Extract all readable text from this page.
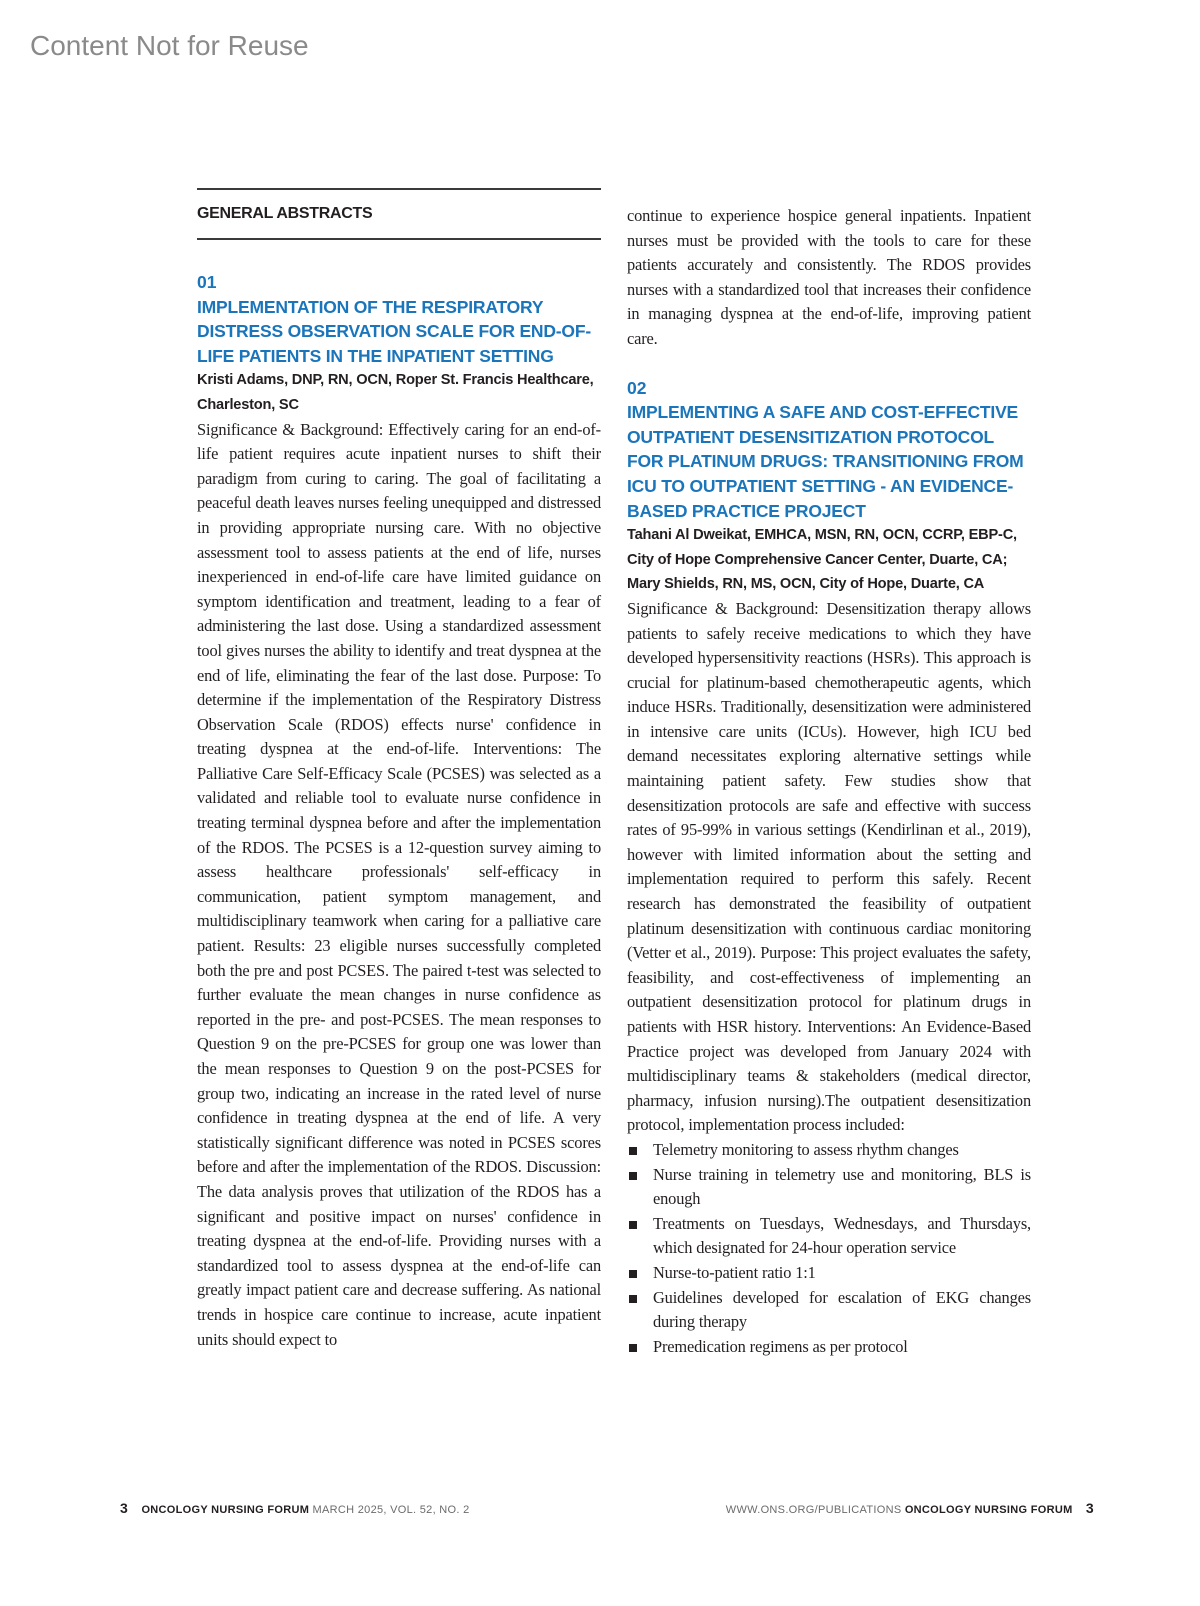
Content Not for Reuse
GENERAL ABSTRACTS
01
IMPLEMENTATION OF THE RESPIRATORY DISTRESS OBSERVATION SCALE FOR END-OF-LIFE PATIENTS IN THE INPATIENT SETTING
Kristi Adams, DNP, RN, OCN, Roper St. Francis Healthcare, Charleston, SC

Significance & Background: Effectively caring for an end-of-life patient requires acute inpatient nurses to shift their paradigm from curing to caring. The goal of facilitating a peaceful death leaves nurses feeling unequipped and distressed in providing appropriate nursing care. With no objective assessment tool to assess patients at the end of life, nurses inexperienced in end-of-life care have limited guidance on symptom identification and treatment, leading to a fear of administering the last dose. Using a standardized assessment tool gives nurses the ability to identify and treat dyspnea at the end of life, eliminating the fear of the last dose. Purpose: To determine if the implementation of the Respiratory Distress Observation Scale (RDOS) effects nurse' confidence in treating dyspnea at the end-of-life. Interventions: The Palliative Care Self-Efficacy Scale (PCSES) was selected as a validated and reliable tool to evaluate nurse confidence in treating terminal dyspnea before and after the implementation of the RDOS. The PCSES is a 12-question survey aiming to assess healthcare professionals' self-efficacy in communication, patient symptom management, and multidisciplinary teamwork when caring for a palliative care patient. Results: 23 eligible nurses successfully completed both the pre and post PCSES. The paired t-test was selected to further evaluate the mean changes in nurse confidence as reported in the pre- and post-PCSES. The mean responses to Question 9 on the pre-PCSES for group one was lower than the mean responses to Question 9 on the post-PCSES for group two, indicating an increase in the rated level of nurse confidence in treating dyspnea at the end of life. A very statistically significant difference was noted in PCSES scores before and after the implementation of the RDOS. Discussion: The data analysis proves that utilization of the RDOS has a significant and positive impact on nurses' confidence in treating dyspnea at the end-of-life. Providing nurses with a standardized tool to assess dyspnea at the end-of-life can greatly impact patient care and decrease suffering. As national trends in hospice care continue to increase, acute inpatient units should expect to

continue to experience hospice general inpatients. Inpatient nurses must be provided with the tools to care for these patients accurately and consistently. The RDOS provides nurses with a standardized tool that increases their confidence in managing dyspnea at the end-of-life, improving patient care.

02
IMPLEMENTING A SAFE AND COST-EFFECTIVE OUTPATIENT DESENSITIZATION PROTOCOL FOR PLATINUM DRUGS: TRANSITIONING FROM ICU TO OUTPATIENT SETTING - AN EVIDENCE-BASED PRACTICE PROJECT
Tahani Al Dweikat, EMHCA, MSN, RN, OCN, CCRP, EBP-C, City of Hope Comprehensive Cancer Center, Duarte, CA; Mary Shields, RN, MS, OCN, City of Hope, Duarte, CA

Significance & Background: Desensitization therapy allows patients to safely receive medications to which they have developed hypersensitivity reactions (HSRs). This approach is crucial for platinum-based chemotherapeutic agents, which induce HSRs. Traditionally, desensitization were administered in intensive care units (ICUs). However, high ICU bed demand necessitates exploring alternative settings while maintaining patient safety. Few studies show that desensitization protocols are safe and effective with success rates of 95-99% in various settings (Kendirlinan et al., 2019), however with limited information about the setting and implementation required to perform this safely. Recent research has demonstrated the feasibility of outpatient platinum desensitization with continuous cardiac monitoring (Vetter et al., 2019). Purpose: This project evaluates the safety, feasibility, and cost-effectiveness of implementing an outpatient desensitization protocol for platinum drugs in patients with HSR history. Interventions: An Evidence-Based Practice project was developed from January 2024 with multidisciplinary teams & stakeholders (medical director, pharmacy, infusion nursing).The outpatient desensitization protocol, implementation process included:

Telemetry monitoring to assess rhythm changes
Nurse training in telemetry use and monitoring, BLS is enough
Treatments on Tuesdays, Wednesdays, and Thursdays, which designated for 24-hour operation service
Nurse-to-patient ratio 1:1
Guidelines developed for escalation of EKG changes during therapy
Premedication regimens as per protocol
3 ONCOLOGY NURSING FORUM MARCH 2025, VOL. 52, NO. 2	WWW.ONS.ORG/PUBLICATIONS ONCOLOGY NURSING FORUM 3
